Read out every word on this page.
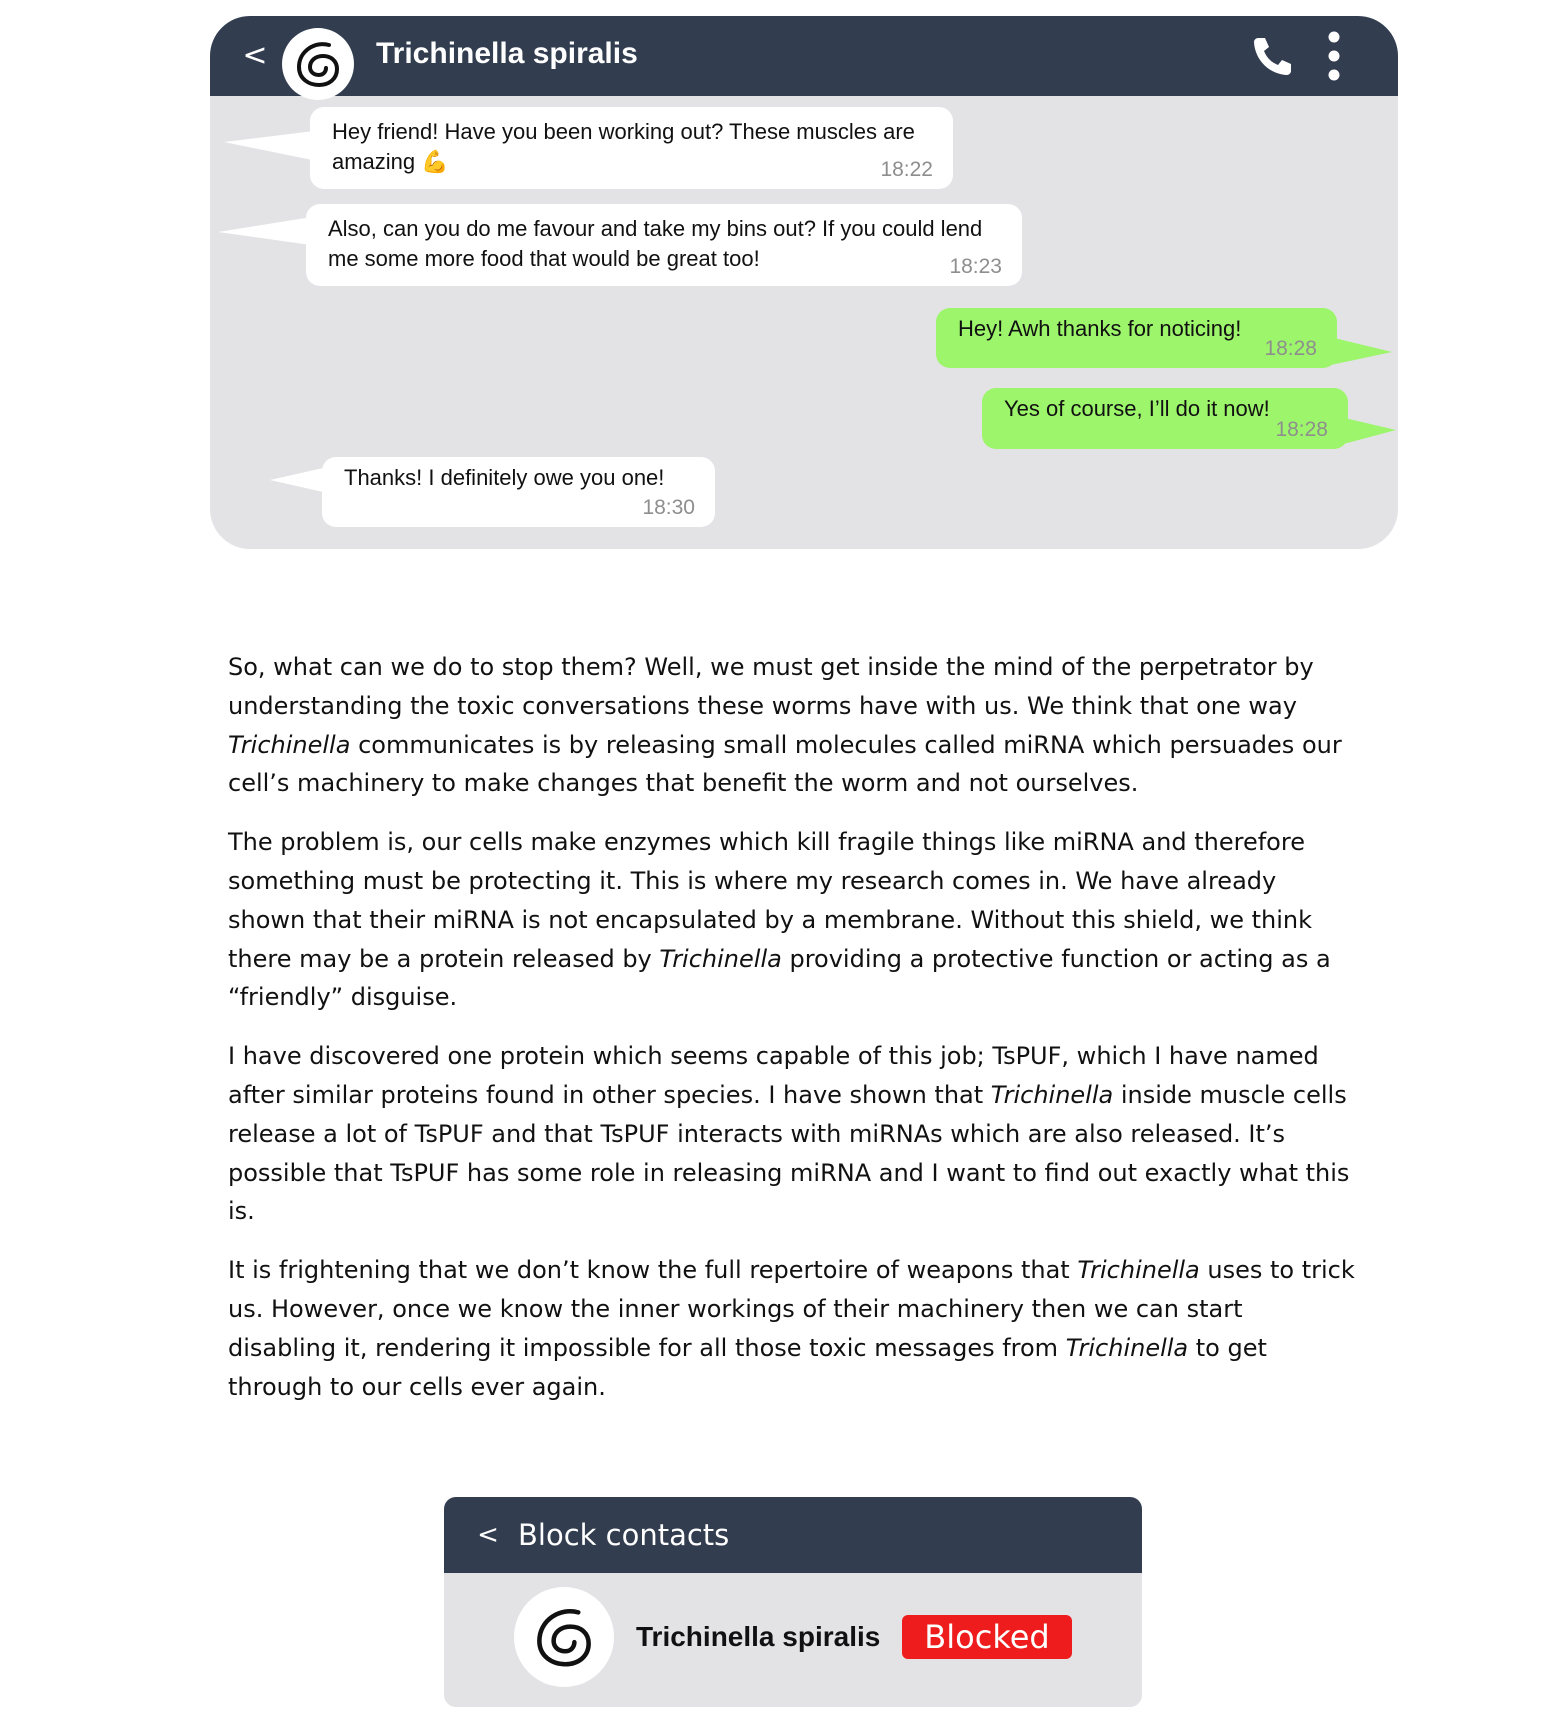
<	Trichinella spiralis
Hey friend! Have you been working out? These muscles are
amazing 💪	18:22
Also, can you do me favour and take my bins out? If you could lend
me some more food that would be great too!	18:23
Hey! Awh thanks for noticing!
18:28
Yes of course, I’ll do it now!
18:28
Thanks! I definitely owe you one!
18:30

So, what can we do to stop them? Well, we must get inside the mind of the perpetrator by understanding the toxic conversations these worms have with us. We think that one way Trichinella communicates is by releasing small molecules called miRNA which persuades our cell’s machinery to make changes that benefit the worm and not ourselves.

The problem is, our cells make enzymes which kill fragile things like miRNA and therefore something must be protecting it. This is where my research comes in. We have already shown that their miRNA is not encapsulated by a membrane. Without this shield, we think there may be a protein released by Trichinella providing a protective function or acting as a “friendly” disguise.

I have discovered one protein which seems capable of this job; TsPUF, which I have named after similar proteins found in other species. I have shown that Trichinella inside muscle cells release a lot of TsPUF and that TsPUF interacts with miRNAs which are also released. It’s possible that TsPUF has some role in releasing miRNA and I want to find out exactly what this is.

It is frightening that we don’t know the full repertoire of weapons that Trichinella uses to trick us. However, once we know the inner workings of their machinery then we can start disabling it, rendering it impossible for all those toxic messages from Trichinella to get through to our cells ever again.

< Block contacts
Trichinella spiralis	Blocked
